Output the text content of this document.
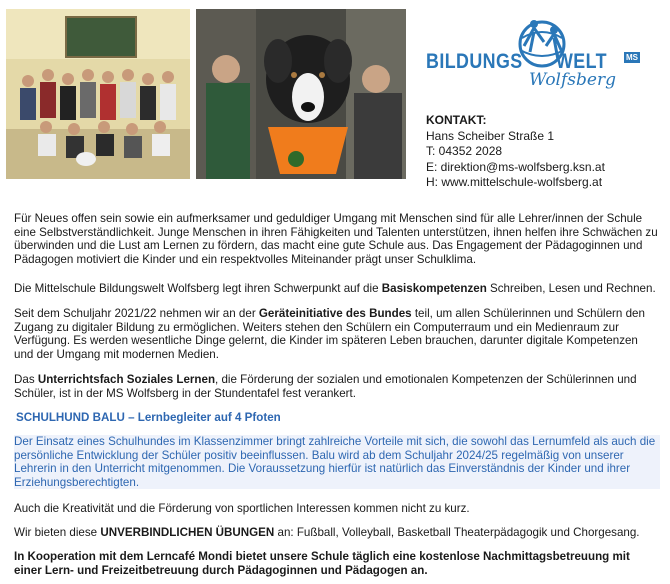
BILDUNGS WELT MS
Wolfsberg
KONTAKT:
Hans Scheiber Straße 1
T: 04352 2028
E: direktion@ms-wolfsberg.ksn.at
H: www.mittelschule-wolfsberg.at

Für Neues offen sein sowie ein aufmerksamer und geduldiger Umgang mit Menschen sind für alle Lehrer/innen der Schule eine Selbstverständlichkeit. Junge Menschen in ihren Fähigkeiten und Talenten unterstützen, ihnen helfen ihre Schwächen zu überwinden und die Lust am Lernen zu fördern, das macht eine gute Schule aus. Das Engagement der Pädagoginnen und Pädagogen motiviert die Kinder und ein respektvolles Miteinander prägt unser Schulklima.

Die Mittelschule Bildungswelt Wolfsberg legt ihren Schwerpunkt auf die Basiskompetenzen Schreiben, Lesen und Rechnen.

Seit dem Schuljahr 2021/22 nehmen wir an der Geräteinitiative des Bundes teil, um allen Schülerinnen und Schülern den Zugang zu digitaler Bildung zu ermöglichen. Weiters stehen den Schülern ein Computerraum und ein Medienraum zur Verfügung. Es werden wesentliche Dinge gelernt, die Kinder im späteren Leben brauchen, darunter digitale Kompetenzen und der Umgang mit modernen Medien.

Das Unterrichtsfach Soziales Lernen, die Förderung der sozialen und emotionalen Kompetenzen der Schülerinnen und Schüler, ist in der MS Wolfsberg in der Stundentafel fest verankert.

SCHULHUND BALU – Lernbegleiter auf 4 Pfoten

Der Einsatz eines Schulhundes im Klassenzimmer bringt zahlreiche Vorteile mit sich, die sowohl das Lernumfeld als auch die persönliche Entwicklung der Schüler positiv beeinflussen. Balu wird ab dem Schuljahr 2024/25 regelmäßig von unserer Lehrerin in den Unterricht mitgenommen. Die Voraussetzung hierfür ist natürlich das Einverständnis der Kinder und ihrer Erziehungsberechtigten.

Auch die Kreativität und die Förderung von sportlichen Interessen kommen nicht zu kurz.

Wir bieten diese UNVERBINDLICHEN ÜBUNGEN an: Fußball, Volleyball, Basketball Theaterpädagogik und Chorgesang.

In Kooperation mit dem Lerncafé Mondi bietet unsere Schule täglich eine kostenlose Nachmittagsbetreuung mit einer Lern- und Freizeitbetreuung durch Pädagoginnen und Pädagogen an.
